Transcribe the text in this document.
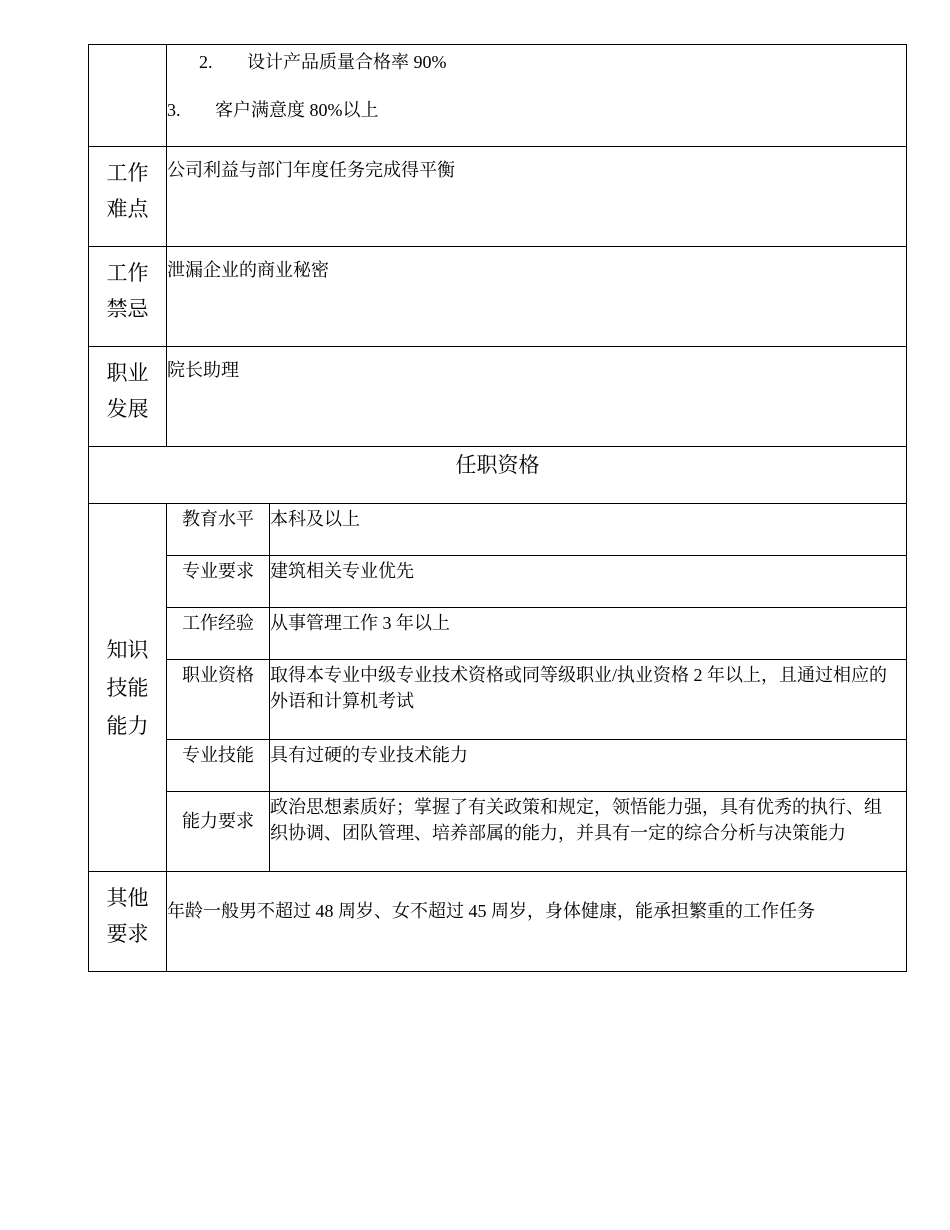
	2. 设计产品质量合格率 90%
3. 客户满意度 80%以上	

工作
难点	公司利益与部门年度任务完成得平衡	

工作
禁忌	泄漏企业的商业秘密	

职业
发展	院长助理	
任职资格		

知识
技能
能力	教育水平	本科及以上
	专业要求	建筑相关专业优先
	工作经验	从事管理工作 3 年以上
	职业资格	取得本专业中级专业技术资格或同等级职业/执业资格 2 年以上，且通过相应的外语和计算机考试
	专业技能	具有过硬的专业技术能力
	能力要求	政治思想素质好；掌握了有关政策和规定，领悟能力强，具有优秀的执行、组织协调、团队管理、培养部属的能力，并具有一定的综合分析与决策能力

其他
要求	年龄一般男不超过 48 周岁、女不超过 45 周岁，身体健康，能承担繁重的工作任务	
